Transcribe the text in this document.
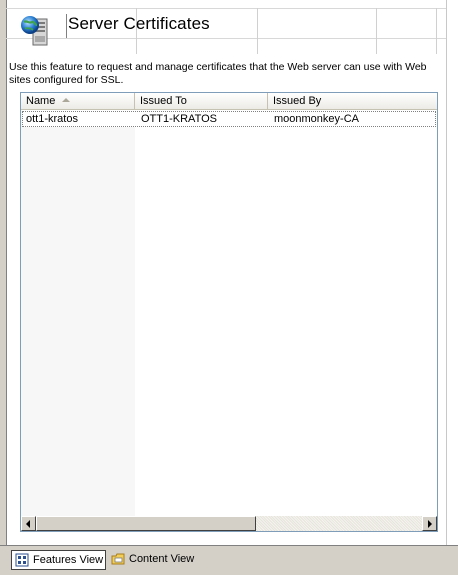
Server Certificates
Use this feature to request and manage certificates that the Web server can use with Web sites configured for SSL.
Name	Issued To	Issued By
ott1-kratos	OTT1-KRATOS	moonmonkey-CA
Features View	Content View
